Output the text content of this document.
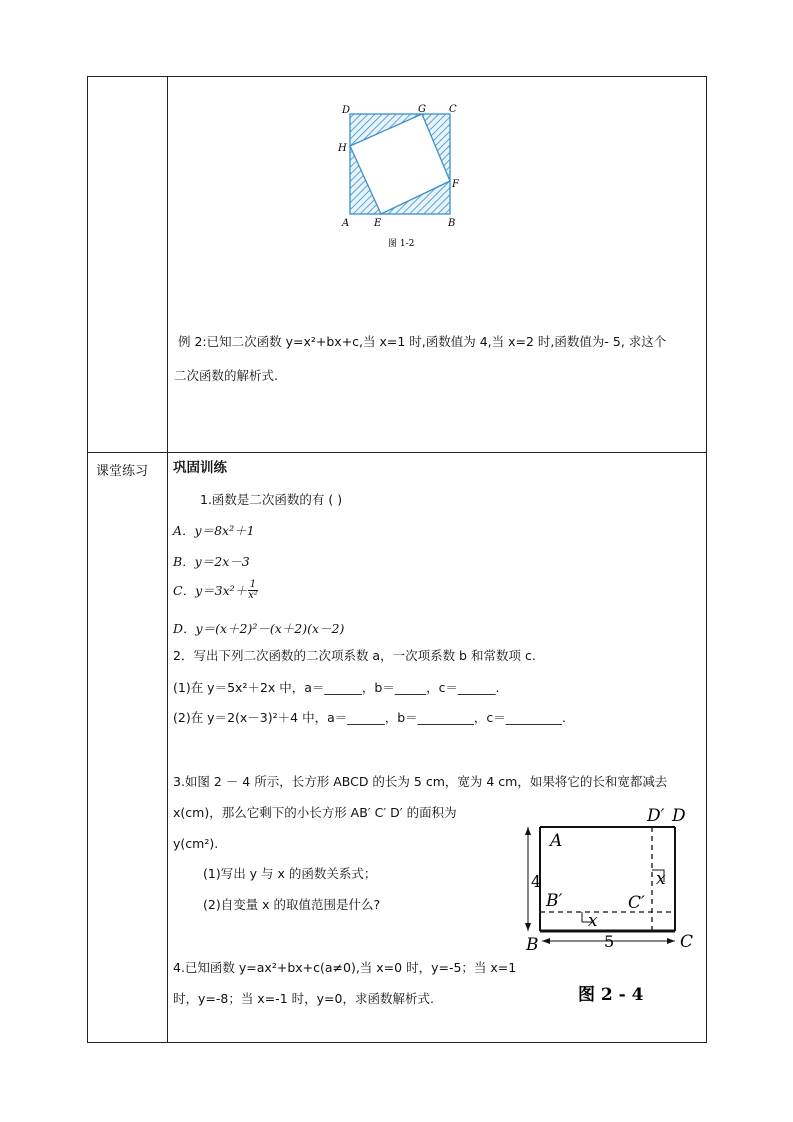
课堂练习
D	G C
H
F
A E	B
图 1-2
例 2:已知二次函数 y=x²+bx+c,当 x=1 时,函数值为 4,当 x=2 时,函数值为- 5, 求这个
二次函数的解析式.
巩固训练
1.函数是二次函数的有 ( )
A．y＝8x²＋1
B．y＝2x－3
C．$y=3x^2+ \frac{1}{\text{x²}}$
D．y＝(x＋2)²－(x＋2)(x－2)
2．写出下列二次函数的二次项系数 a，一次项系数 b 和常数项 c.
(1)在 y＝5x²＋2x 中，a＝______，b＝_____，c＝______.
(2)在 y＝2(x－3)²＋4 中，a＝______，b＝_________，c＝_________.
3.如图 2 － 4 所示，长方形 ABCD 的长为 5 cm，宽为 4 cm，如果将它的长和宽都减去
x(cm)，那么它剩下的小长方形 AB′ C′ D′ 的面积为
y(cm²).
(1)写出 y 与 x 的函数关系式；
(2)自变量 x 的取值范围是什么?
4.已知函数 y=ax²+bx+c(a≠0),当 x=0 时，y=-5；当 x=1
时，y=-8；当 x=-1 时，y=0，求函数解析式.
D′ D
A
x
4
B′	C′
x
B	5	C
图 2 - 4
